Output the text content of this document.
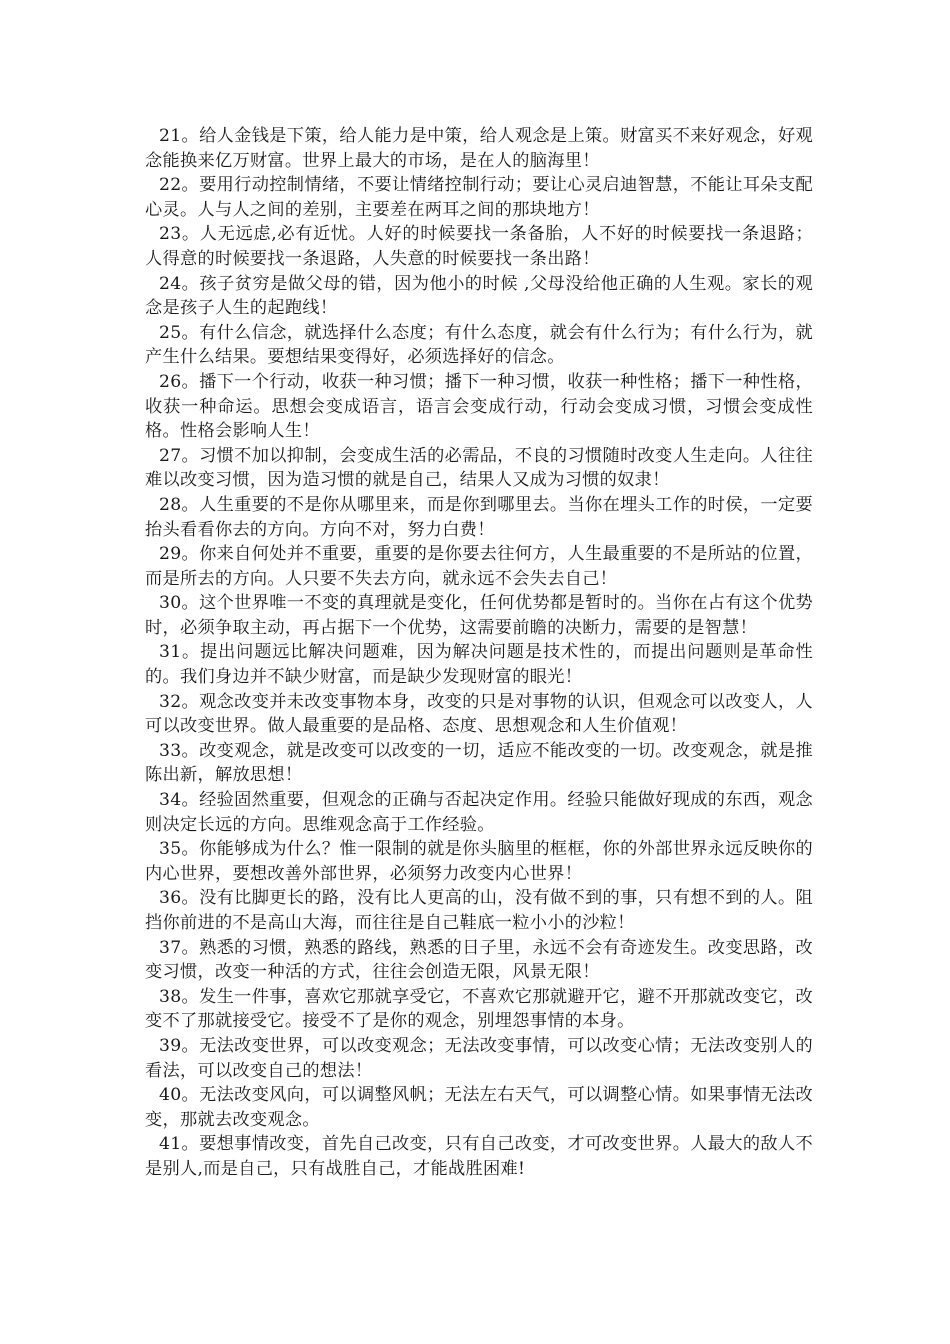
21。给人金钱是下策，给人能力是中策，给人观念是上策。财富买不来好观念，好观念能换来亿万财富。世界上最大的市场，是在人的脑海里！

22。要用行动控制情绪，不要让情绪控制行动；要让心灵启迪智慧，不能让耳朵支配心灵。人与人之间的差别，主要差在两耳之间的那块地方！

23。人无远虑,必有近忧。人好的时候要找一条备胎，人不好的时候要找一条退路；人得意的时候要找一条退路，人失意的时候要找一条出路！

24。孩子贫穷是做父母的错，因为他小的时候 ,父母没给他正确的人生观。家长的观念是孩子人生的起跑线！

25。有什么信念，就选择什么态度；有什么态度，就会有什么行为；有什么行为，就产生什么结果。要想结果变得好，必须选择好的信念。

26。播下一个行动，收获一种习惯；播下一种习惯，收获一种性格；播下一种性格，收获一种命运。思想会变成语言，语言会变成行动，行动会变成习惯，习惯会变成性格。性格会影响人生！

27。习惯不加以抑制，会变成生活的必需品，不良的习惯随时改变人生走向。人往往难以改变习惯，因为造习惯的就是自己，结果人又成为习惯的奴隶！

28。人生重要的不是你从哪里来，而是你到哪里去。当你在埋头工作的时侯，一定要抬头看看你去的方向。方向不对，努力白费！

29。你来自何处并不重要，重要的是你要去往何方，人生最重要的不是所站的位置，而是所去的方向。人只要不失去方向，就永远不会失去自己！

30。这个世界唯一不变的真理就是变化，任何优势都是暂时的。当你在占有这个优势时，必须争取主动，再占据下一个优势，这需要前瞻的决断力，需要的是智慧！

31。提出问题远比解决问题难，因为解决问题是技术性的，而提出问题则是革命性的。我们身边并不缺少财富，而是缺少发现财富的眼光！

32。观念改变并未改变事物本身，改变的只是对事物的认识，但观念可以改变人，人可以改变世界。做人最重要的是品格、态度、思想观念和人生价值观！

33。改变观念，就是改变可以改变的一切，适应不能改变的一切。改变观念，就是推陈出新，解放思想！

34。经验固然重要，但观念的正确与否起决定作用。经验只能做好现成的东西，观念则决定长远的方向。思维观念高于工作经验。

35。你能够成为什么？惟一限制的就是你头脑里的框框，你的外部世界永远反映你的内心世界，要想改善外部世界，必须努力改变内心世界！

36。没有比脚更长的路，没有比人更高的山，没有做不到的事，只有想不到的人。阻挡你前进的不是高山大海，而往往是自己鞋底一粒小小的沙粒！

37。熟悉的习惯，熟悉的路线，熟悉的日子里，永远不会有奇迹发生。改变思路，改变习惯，改变一种活的方式，往往会创造无限，风景无限！

38。发生一件事，喜欢它那就享受它，不喜欢它那就避开它，避不开那就改变它，改变不了那就接受它。接受不了是你的观念，别埋怨事情的本身。

39。无法改变世界，可以改变观念；无法改变事情，可以改变心情；无法改变别人的看法，可以改变自己的想法！

40。无法改变风向，可以调整风帆；无法左右天气，可以调整心情。如果事情无法改变，那就去改变观念。

41。要想事情改变，首先自己改变，只有自己改变，才可改变世界。人最大的敌人不是别人,而是自己，只有战胜自己，才能战胜困难!
